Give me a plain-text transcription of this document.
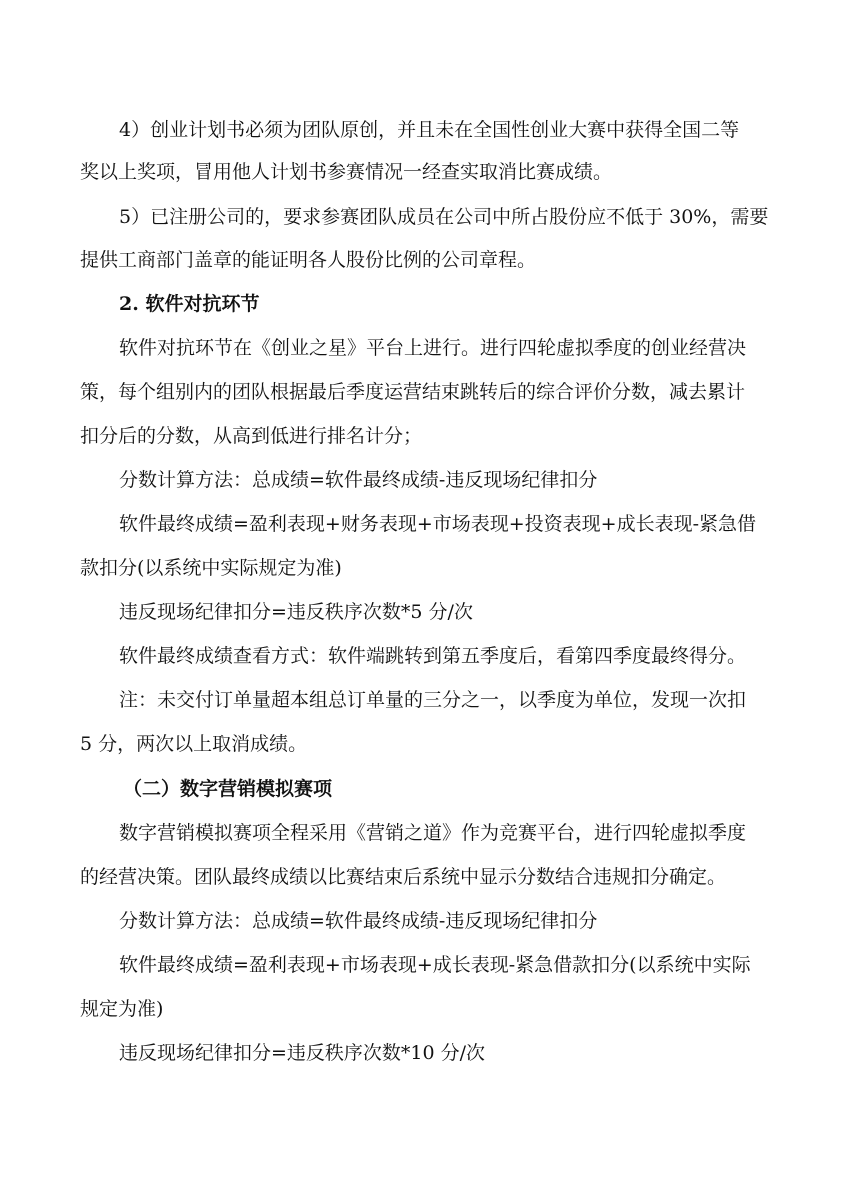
4）创业计划书必须为团队原创，并且未在全国性创业大赛中获得全国二等

奖以上奖项，冒用他人计划书参赛情况一经查实取消比赛成绩。

5）已注册公司的，要求参赛团队成员在公司中所占股份应不低于 30%，需要

提供工商部门盖章的能证明各人股份比例的公司章程。

2. 软件对抗环节

软件对抗环节在《创业之星》平台上进行。进行四轮虚拟季度的创业经营决

策，每个组别内的团队根据最后季度运营结束跳转后的综合评价分数，减去累计

扣分后的分数，从高到低进行排名计分；

分数计算方法：总成绩=软件最终成绩-违反现场纪律扣分

软件最终成绩=盈利表现+财务表现+市场表现+投资表现+成长表现-紧急借

款扣分(以系统中实际规定为准)

违反现场纪律扣分=违反秩序次数*5 分/次

软件最终成绩查看方式：软件端跳转到第五季度后，看第四季度最终得分。

注：未交付订单量超本组总订单量的三分之一，以季度为单位，发现一次扣

5 分，两次以上取消成绩。

（二）数字营销模拟赛项

数字营销模拟赛项全程采用《营销之道》作为竞赛平台，进行四轮虚拟季度

的经营决策。团队最终成绩以比赛结束后系统中显示分数结合违规扣分确定。

分数计算方法：总成绩=软件最终成绩-违反现场纪律扣分

软件最终成绩=盈利表现+市场表现+成长表现-紧急借款扣分(以系统中实际

规定为准)

违反现场纪律扣分=违反秩序次数*10 分/次
